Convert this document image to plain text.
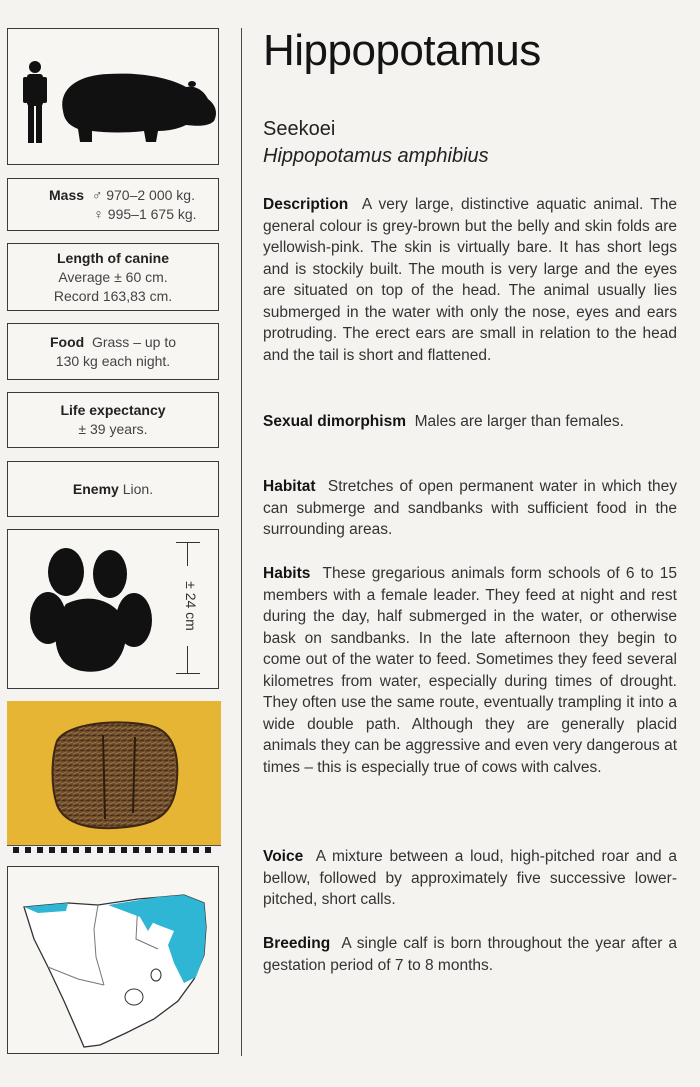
Mass ♂ 970–2 000 kg.
♀ 995–1 675 kg.
Length of canine
Average ± 60 cm.
Record 163,83 cm.
Food Grass – up to
130 kg each night.
Life expectancy
± 39 years.
Enemy Lion.
± 24 cm
Hippopotamus
Seekoei
Hippopotamus amphibius

Description A very large, distinctive aquatic animal. The general colour is grey-brown but the belly and skin folds are yellowish-pink. The skin is virtually bare. It has short legs and is stockily built. The mouth is very large and the eyes are situated on top of the head. The animal usually lies submerged in the water with only the nose, eyes and ears protruding. The erect ears are small in relation to the head and the tail is short and flattened.

Sexual dimorphism Males are larger than females.

Habitat Stretches of open permanent water in which they can submerge and sandbanks with sufficient food in the surrounding areas.

Habits These gregarious animals form schools of 6 to 15 members with a female leader. They feed at night and rest during the day, half submerged in the water, or otherwise bask on sandbanks. In the late afternoon they begin to come out of the water to feed. Sometimes they feed several kilometres from water, especially during times of drought. They often use the same route, eventually trampling it into a wide double path. Although they are generally placid animals they can be aggressive and even very dangerous at times – this is especially true of cows with calves.

Voice A mixture between a loud, high-pitched roar and a bellow, followed by approximately five successive lower-pitched, short calls.

Breeding A single calf is born throughout the year after a gestation period of 7 to 8 months.
